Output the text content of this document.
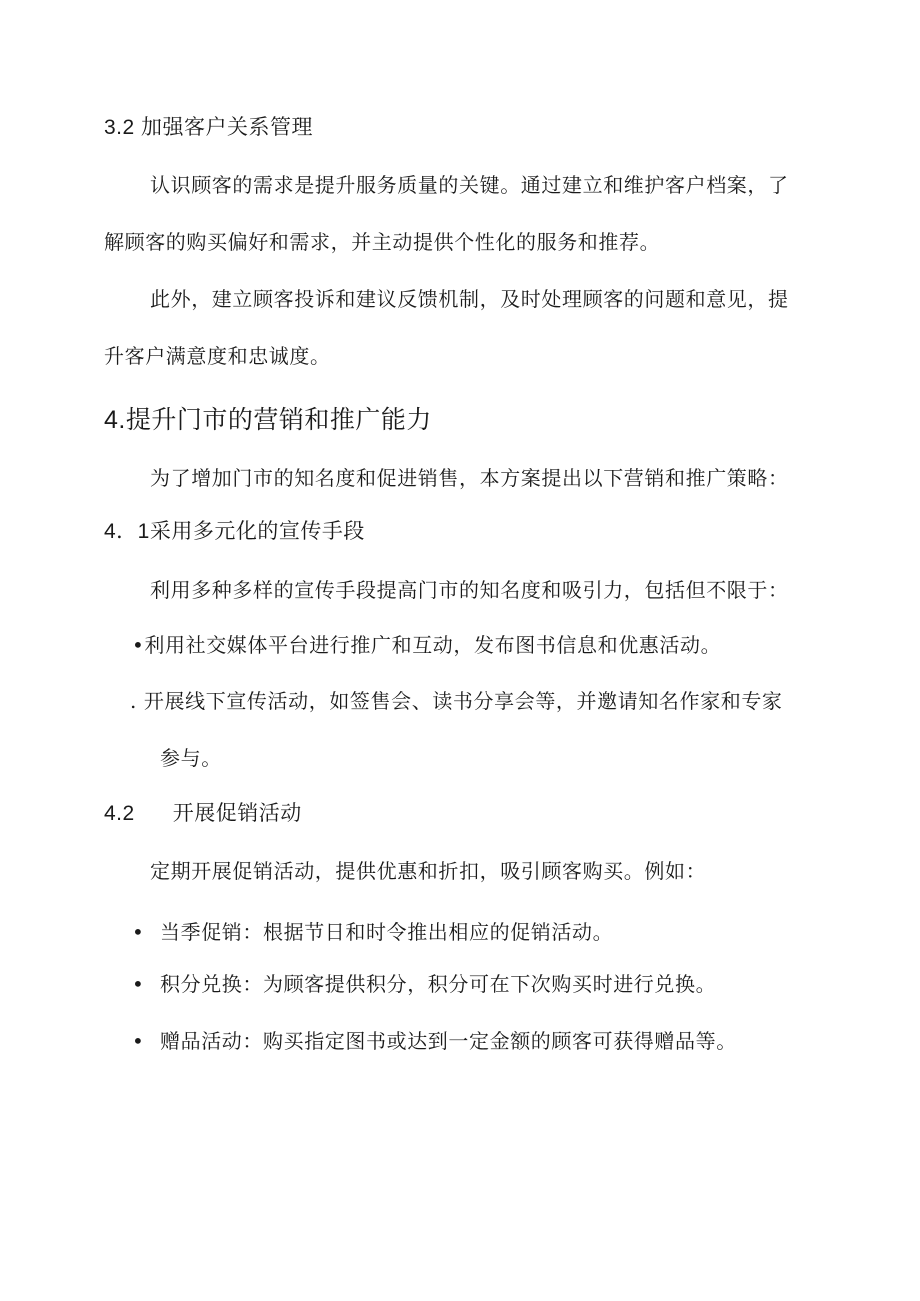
3.2 加强客户关系管理
认识顾客的需求是提升服务质量的关键。通过建立和维护客户档案，了
解顾客的购买偏好和需求，并主动提供个性化的服务和推荐。
此外，建立顾客投诉和建议反馈机制，及时处理顾客的问题和意见，提
升客户满意度和忠诚度。
4.提升门市的营销和推广能力
为了增加门市的知名度和促进销售，本方案提出以下营销和推广策略：
4．1采用多元化的宣传手段
利用多种多样的宣传手段提高门市的知名度和吸引力，包括但不限于：
•利用社交媒体平台进行推广和互动，发布图书信息和优惠活动。
. 开展线下宣传活动，如签售会、读书分享会等，并邀请知名作家和专家
参与。
4.2 开展促销活动
定期开展促销活动，提供优惠和折扣，吸引顾客购买。例如：
• 当季促销：根据节日和时令推出相应的促销活动。
• 积分兑换：为顾客提供积分，积分可在下次购买时进行兑换。
• 赠品活动：购买指定图书或达到一定金额的顾客可获得赠品等。
